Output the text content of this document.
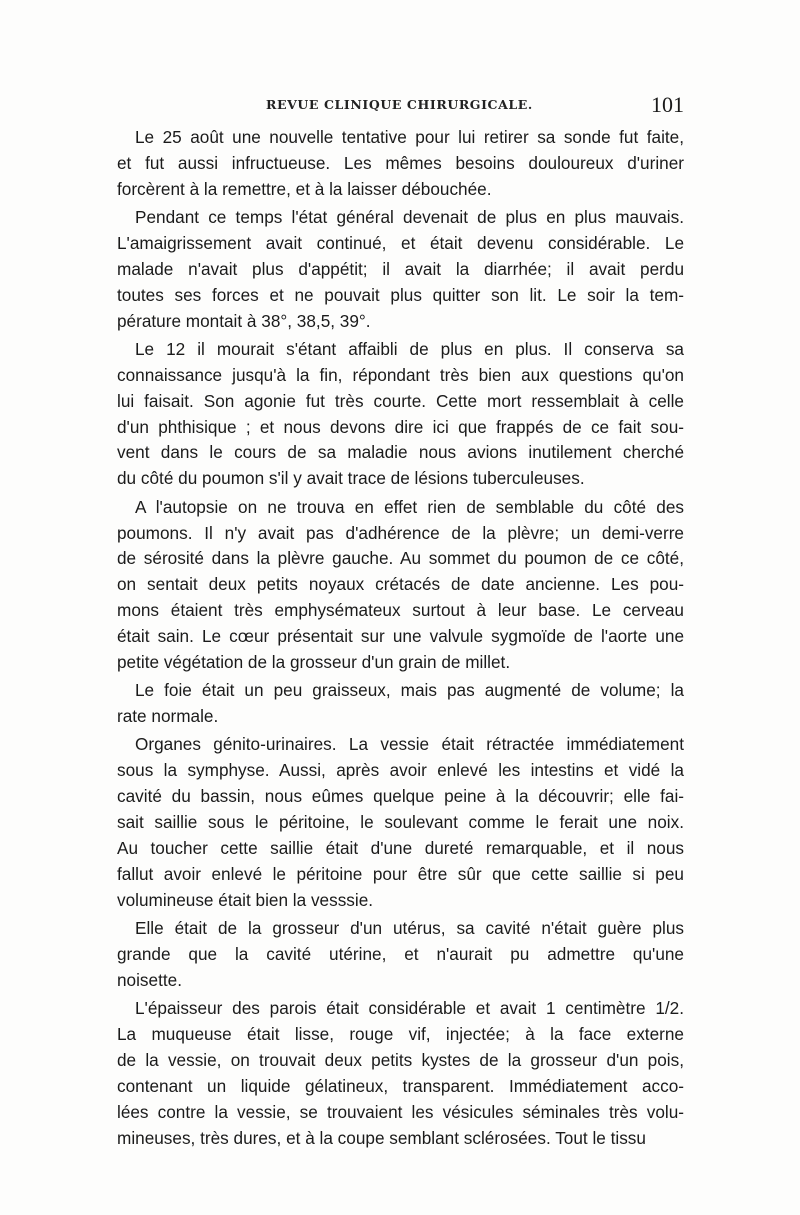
REVUE CLINIQUE CHIRURGICALE.	101
Le 25 août une nouvelle tentative pour lui retirer sa sonde fut faite,
et fut aussi infructueuse. Les mêmes besoins douloureux d'uriner
forcèrent à la remettre, et à la laisser débouchée.
Pendant ce temps l'état général devenait de plus en plus mauvais.
L'amaigrissement avait continué, et était devenu considérable. Le
malade n'avait plus d'appétit; il avait la diarrhée; il avait perdu
toutes ses forces et ne pouvait plus quitter son lit. Le soir la tem-
pérature montait à 38°, 38,5, 39°.
Le 12 il mourait s'étant affaibli de plus en plus. Il conserva sa
connaissance jusqu'à la fin, répondant très bien aux questions qu'on
lui faisait. Son agonie fut très courte. Cette mort ressemblait à celle
d'un phthisique ; et nous devons dire ici que frappés de ce fait sou-
vent dans le cours de sa maladie nous avions inutilement cherché
du côté du poumon s'il y avait trace de lésions tuberculeuses.
A l'autopsie on ne trouva en effet rien de semblable du côté des
poumons. Il n'y avait pas d'adhérence de la plèvre; un demi-verre
de sérosité dans la plèvre gauche. Au sommet du poumon de ce côté,
on sentait deux petits noyaux crétacés de date ancienne. Les pou-
mons étaient très emphysémateux surtout à leur base. Le cerveau
était sain. Le cœur présentait sur une valvule sygmoïde de l'aorte une
petite végétation de la grosseur d'un grain de millet.
Le foie était un peu graisseux, mais pas augmenté de volume; la
rate normale.
Organes génito-urinaires. La vessie était rétractée immédiatement
sous la symphyse. Aussi, après avoir enlevé les intestins et vidé la
cavité du bassin, nous eûmes quelque peine à la découvrir; elle fai-
sait saillie sous le péritoine, le soulevant comme le ferait une noix.
Au toucher cette saillie était d'une dureté remarquable, et il nous
fallut avoir enlevé le péritoine pour être sûr que cette saillie si peu
volumineuse était bien la vesssie.
Elle était de la grosseur d'un utérus, sa cavité n'était guère plus
grande que la cavité utérine, et n'aurait pu admettre qu'une
noisette.
L'épaisseur des parois était considérable et avait 1 centimètre 1/2.
La muqueuse était lisse, rouge vif, injectée; à la face externe
de la vessie, on trouvait deux petits kystes de la grosseur d'un pois,
contenant un liquide gélatineux, transparent. Immédiatement acco-
lées contre la vessie, se trouvaient les vésicules séminales très volu-
mineuses, très dures, et à la coupe semblant sclérosées. Tout le tissu
